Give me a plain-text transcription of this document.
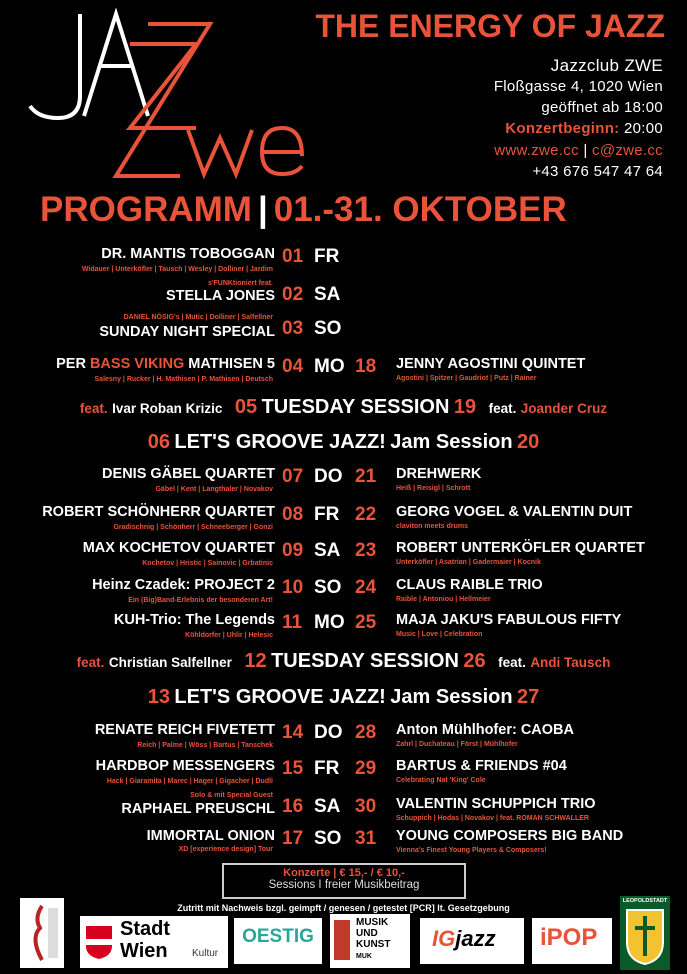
THE ENERGY OF JAZZ
Jazzclub ZWE
Floßgasse 4, 1020 Wien
geöffnet ab 18:00
Konzertbeginn: 20:00
www.zwe.cc | c@zwe.cc
+43 676 547 47 64
PROGRAMM | 01.-31. OKTOBER
DR. MANTIS TOBOGGAN
Widauer | Unterköfler | Tausch | Wesley | Dolliner | Jardim
01 FR
s'FUNKtioniert feat.
STELLA JONES 02 SA
DANIEL NÖSIG's | Mutic | Dolliner | Salfellner
SUNDAY NIGHT SPECIAL 03 SO
PER BASS VIKING MATHISEN 5
Salesny | Rucker | H. Mathisen | P. Mathisen | Deutsch
04 MO 18 JENNY AGOSTINI QUINTET
Agostini | Spitzer | Gaudriot | Putz | Rainer
feat. Ivar Roban Krizic 05 TUESDAY SESSION 19 feat. Joander Cruz
06 LET'S GROOVE JAZZ! Jam Session 20
DENIS GÄBEL QUARTET
Gäbel | Kent | Langthaler | Novakov
07 DO 21 DREHWERK
Heiß | Reisigl | Schrott
ROBERT SCHÖNHERR QUARTET
Gradischnig | Schönherr | Schneeberger | Gonzi
08 FR 22 GEORG VOGEL & VALENTIN DUIT
claviton meets drums
MAX KOCHETOV QUARTET
Kochetov | Hristic | Sainovic | Grbatinic
09 SA 23 ROBERT UNTERKÖFLER QUARTET
Unterköfler | Asatrian | Gadermaier | Kocnik
Heinz Czadek: PROJECT 2
Ein (Big)Band-Erlebnis der besonderen Art!
10 SO 24 CLAUS RAIBLE TRIO
Raible | Antoniou | Hellmeier
KUH-Trio: The Legends
Köhldorfer | Uhlir | Helesic
11 MO 25 MAJA JAKU'S FABULOUS FIFTY
Music | Love | Celebration
feat. Christian Salfellner 12 TUESDAY SESSION 26 feat. Andi Tausch
13 LET'S GROOVE JAZZ! Jam Session 27
RENATE REICH FIVETETT
Reich | Palme | Wöss | Bartus | Tanschek
14 DO 28 Anton Mühlhofer: CAOBA
Zahrl | Duchateau | Först | Mühlhofer
HARDBOP MESSENGERS
Hack | Giaramita | Marec | Hager | Gigacher | Dudli
15 FR 29 BARTUS & FRIENDS #04
Celebrating Nat 'King' Cole
Solo & mit Special Guest
RAPHAEL PREUSCHL 16 SA 30 VALENTIN SCHUPPICH TRIO
Schuppich | Hodas | Novakov | feat. ROMAN SCHWALLER
IMMORTAL ONION
XD [experience design] Tour
17 SO 31 YOUNG COMPOSERS BIG BAND
Vienna's Finest Young Players & Composers!
Konzerte | € 15,- / € 10,-
Sessions I freier Musikbeitrag
Zutritt mit Nachweis bzgl. geimpft / genesen / getestet [PCR] lt. Gesetzgebung
Stadt
Wien Kultur
OESTIG
MUSIK
UND
KUNST
MUK
IGjazz iPOP
LEOPOLDSTADT
